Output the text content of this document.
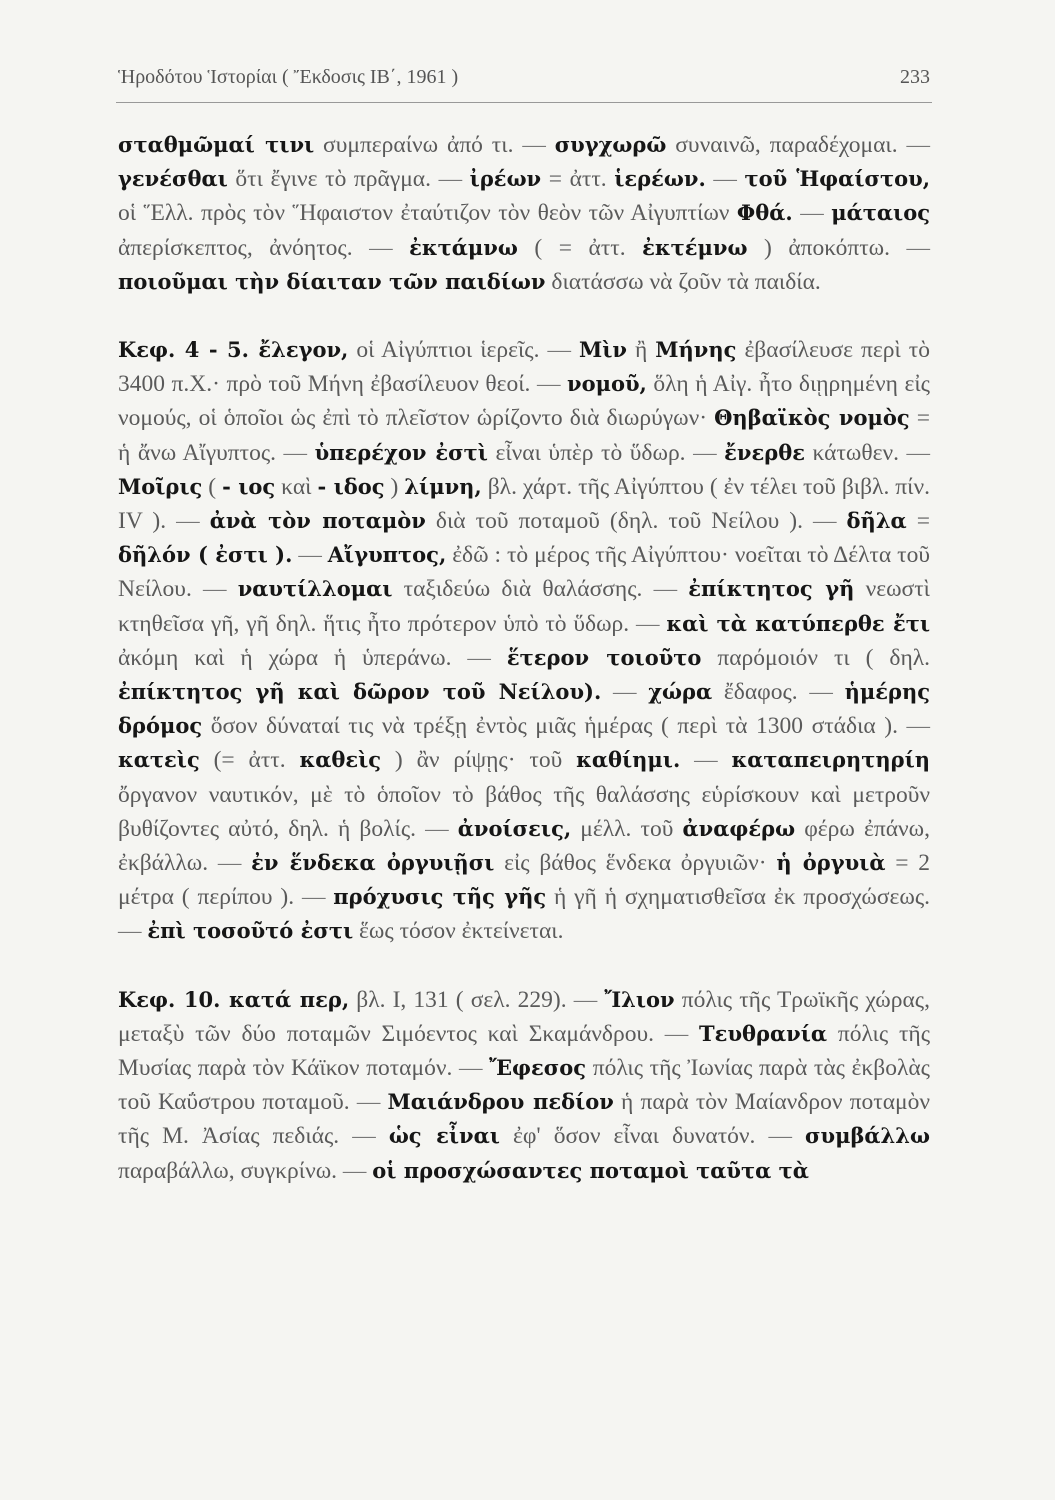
Ἡροδότου Ἱστορίαι ( Ἔκδοσις ΙΒ΄, 1961 )	233

σταθμῶμαί τινι συμπεραίνω ἀπό τι. — συγχωρῶ συναινῶ, παραδέχομαι. — γενέσθαι ὅτι ἔγινε τὸ πρᾶγμα. — ἰρέων = ἀττ. ἱερέων. — τοῦ Ἡφαίστου, οἱ Ἕλλ. πρὸς τὸν Ἥφαιστον ἐταύτιζον τὸν θεὸν τῶν Αἰγυπτίων Φθά. — μάταιος ἀπερίσκεπτος, ἀνόητος. — ἐκτάμνω ( = ἀττ. ἐκτέμνω ) ἀποκόπτω. — ποιοῦμαι τὴν δίαιταν τῶν παιδίων διατάσσω νὰ ζοῦν τὰ παιδία.

Κεφ. 4 - 5. ἔλεγον, οἱ Αἰγύπτιοι ἱερεῖς. — Μὶν ἢ Μήνης ἐβασίλευσε περὶ τὸ 3400 π.Χ.· πρὸ τοῦ Μήνη ἐβασίλευον θεοί. — νομοῦ, ὅλη ἡ Αἰγ. ἦτο διῃρημένη εἰς νομούς, οἱ ὁποῖοι ὡς ἐπὶ τὸ πλεῖστον ὡρίζοντο διὰ διωρύγων· Θηβαϊκὸς νομὸς = ἡ ἄνω Αἴγυπτος. — ὑπερέχον ἐστὶ εἶναι ὑπὲρ τὸ ὕδωρ. — ἔνερθε κάτωθεν. — Μοῖρις ( - ιος καὶ - ιδος ) λίμνη, βλ. χάρτ. τῆς Αἰγύπτου ( ἐν τέλει τοῦ βιβλ. πίν. IV ). — ἀνὰ τὸν ποταμὸν διὰ τοῦ ποταμοῦ (δηλ. τοῦ Νείλου ). — δῆλα = δῆλόν ( ἐστι ). — Αἴγυπτος, ἐδῶ : τὸ μέρος τῆς Αἰγύπτου· νοεῖται τὸ Δέλτα τοῦ Νείλου. — ναυτίλλομαι ταξιδεύω διὰ θαλάσσης. — ἐπίκτητος γῆ νεωστὶ κτηθεῖσα γῆ, γῆ δηλ. ἥτις ἦτο πρότερον ὑπὸ τὸ ὕδωρ. — καὶ τὰ κατύπερθε ἔτι ἀκόμη καὶ ἡ χώρα ἡ ὑπεράνω. — ἕτερον τοιοῦτο παρόμοιόν τι ( δηλ. ἐπίκτητος γῆ καὶ δῶρον τοῦ Νείλου). — χώρα ἔδαφος. — ἡμέρης δρόμος ὅσον δύναταί τις νὰ τρέξῃ ἐντὸς μιᾶς ἡμέρας ( περὶ τὰ 1300 στάδια ). — κατεὶς (= ἀττ. καθεὶς ) ἂν ρίψῃς· τοῦ καθίημι. — καταπειρητηρίη ὄργανον ναυτικόν, μὲ τὸ ὁποῖον τὸ βάθος τῆς θαλάσσης εὑρίσκουν καὶ μετροῦν βυθίζοντες αὐτό, δηλ. ἡ βολίς. — ἀνοίσεις, μέλλ. τοῦ ἀναφέρω φέρω ἐπάνω, ἐκβάλλω. — ἐν ἕνδεκα ὀργυιῇσι εἰς βάθος ἕνδεκα ὀργυιῶν· ἡ ὀργυιὰ = 2 μέτρα ( περίπου ). — πρόχυσις τῆς γῆς ἡ γῆ ἡ σχηματισθεῖσα ἐκ προσχώσεως. — ἐπὶ τοσοῦτό ἐστι ἕως τόσον ἐκτείνεται.

Κεφ. 10. κατά περ, βλ. I, 131 ( σελ. 229). — Ἴλιον πόλις τῆς Τρωϊκῆς χώρας, μεταξὺ τῶν δύο ποταμῶν Σιμόεντος καὶ Σκαμάνδρου. — Τευθρανία πόλις τῆς Μυσίας παρὰ τὸν Κάϊκον ποταμόν. — Ἔφεσος πόλις τῆς Ἰωνίας παρὰ τὰς ἐκβολὰς τοῦ Καΰστρου ποταμοῦ. — Μαιάνδρου πεδίον ἡ παρὰ τὸν Μαίανδρον ποταμὸν τῆς Μ. Ἀσίας πεδιάς. — ὡς εἶναι ἐφ' ὅσον εἶναι δυνατόν. — συμβάλλω παραβάλλω, συγκρίνω. — οἱ προσχώσαντες ποταμοὶ ταῦτα τὰ
